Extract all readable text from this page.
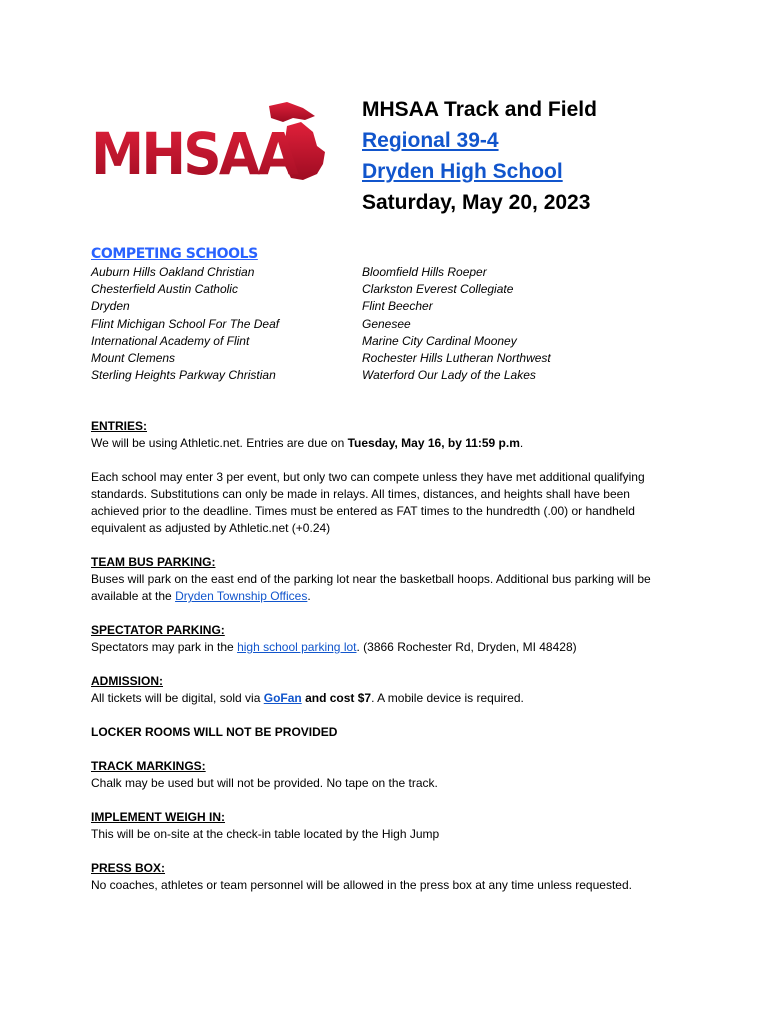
MHSAA
MHSAA Track and Field
Regional 39-4
Dryden High School
Saturday, May 20, 2023
COMPETING SCHOOLS
Auburn Hills Oakland Christian
Chesterfield Austin Catholic
Dryden
Flint Michigan School For The Deaf
International Academy of Flint
Mount Clemens
Sterling Heights Parkway Christian
Bloomfield Hills Roeper
Clarkston Everest Collegiate
Flint Beecher
Genesee
Marine City Cardinal Mooney
Rochester Hills Lutheran Northwest
Waterford Our Lady of the Lakes
ENTRIES:

We will be using Athletic.net. Entries are due on Tuesday, May 16, by 11:59 p.m.

Each school may enter 3 per event, but only two can compete unless they have met additional qualifying
standards. Substitutions can only be made in relays. All times, distances, and heights shall have been
achieved prior to the deadline. Times must be entered as FAT times to the hundredth (.00) or handheld
equivalent as adjusted by Athletic.net (+0.24)

TEAM BUS PARKING:

Buses will park on the east end of the parking lot near the basketball hoops. Additional bus parking will be
available at the Dryden Township Offices.

SPECTATOR PARKING:

Spectators may park in the high school parking lot. (3866 Rochester Rd, Dryden, MI 48428)

ADMISSION:

All tickets will be digital, sold via GoFan and cost $7. A mobile device is required.

LOCKER ROOMS WILL NOT BE PROVIDED
TRACK MARKINGS:

Chalk may be used but will not be provided. No tape on the track.

IMPLEMENT WEIGH IN:

This will be on-site at the check-in table located by the High Jump

PRESS BOX:

No coaches, athletes or team personnel will be allowed in the press box at any time unless requested.
